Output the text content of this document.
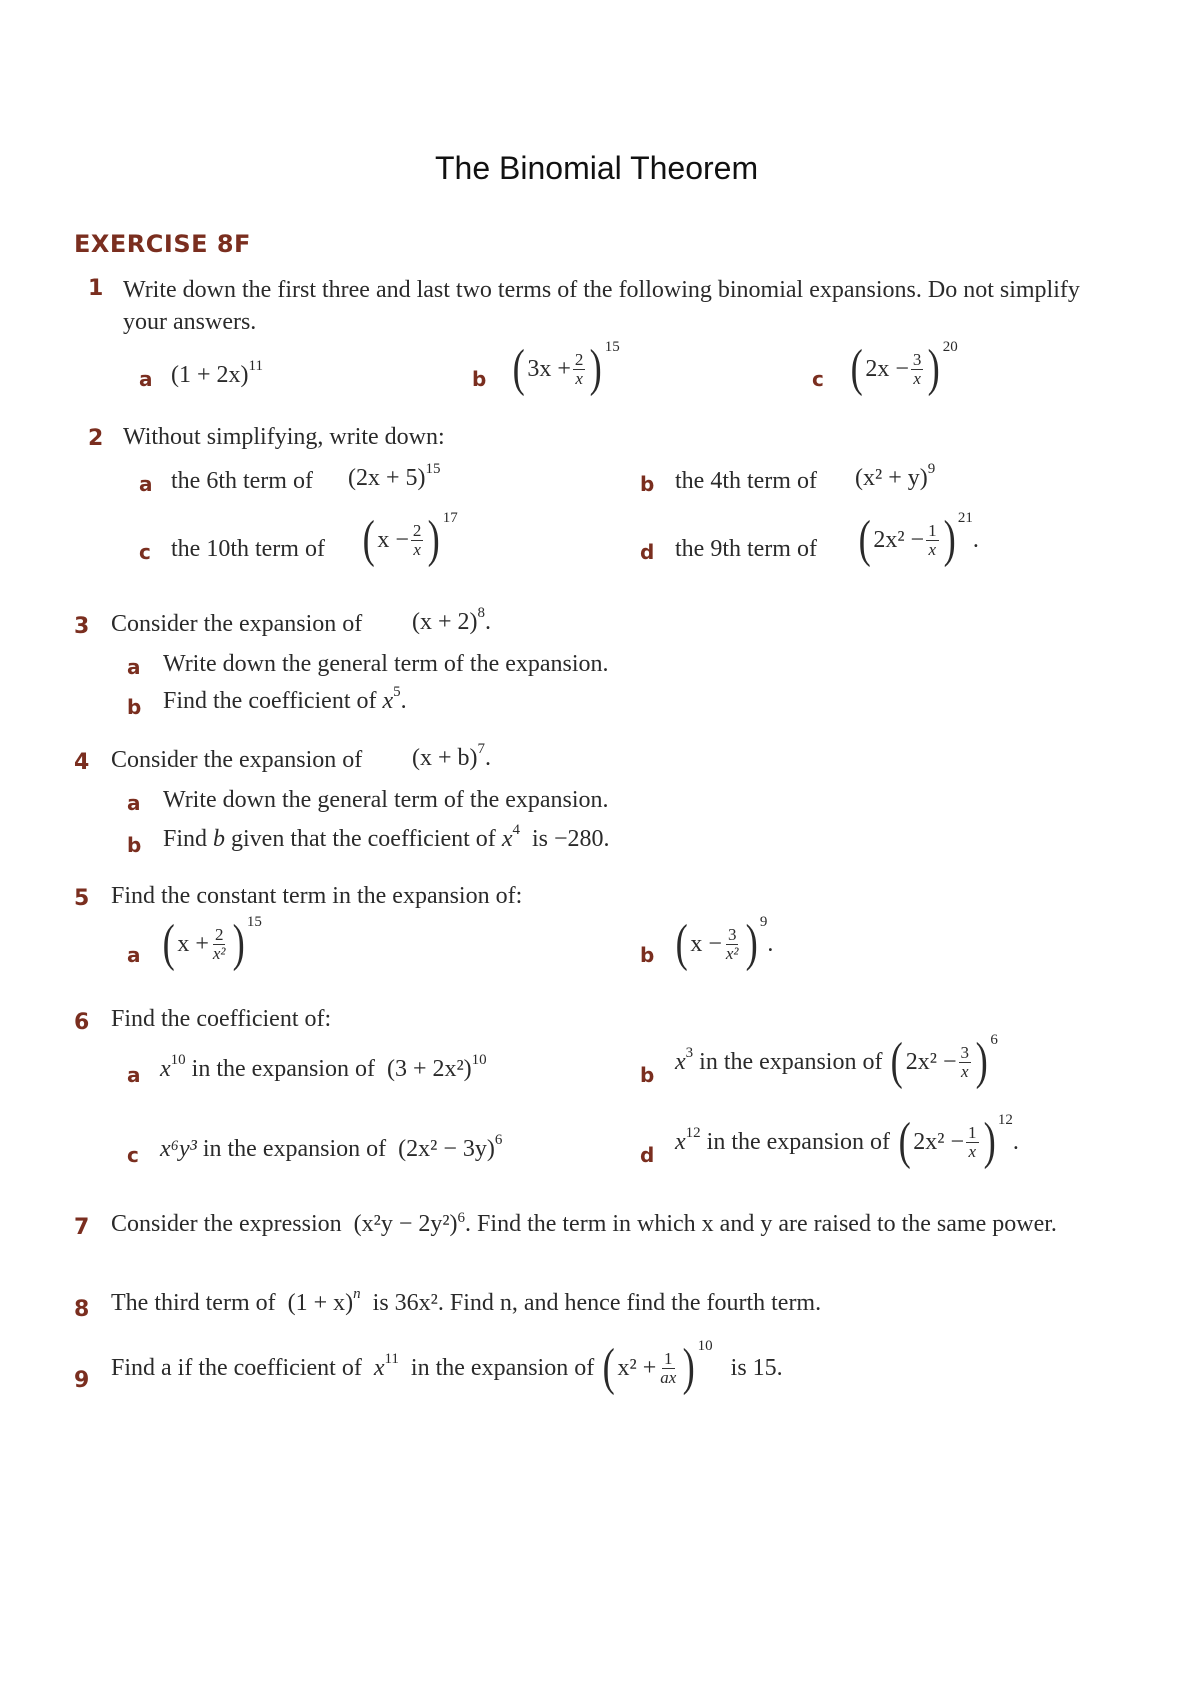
The Binomial Theorem
EXERCISE 8F
1 Write down the first three and last two terms of the following binomial expansions. Do not simplify your answers.
a (1 + 2x) 11
b ( $3x + \frac{2}{x}$ ) 15
c ( $2x - \frac{3}{x}$ ) 20
2 Without simplifying, write down:
a the 6th term of (2x + 5) 15
b the 4th term of (x² + y) 9
c the 10th term of ( $x - \frac{2}{x}$ ) 17
d the 9th term of ( $2x^2 - \frac{1}{x}$ ) 21
.
3 Consider the expansion of (x + 2) 8 .
a Write down the general term of the expansion.
b Find the coefficient of
x 5 .
4 Consider the expansion of (x + b) 7 .
a Write down the general term of the expansion.
b Find
b
given that the coefficient of
x 4
is −280.
5 Find the constant term in the expansion of:
a ( $x + \frac{2}{\text{x²}}$ ) 15
b ( $x - \frac{3}{\text{x²}}$ ) 9
.
6 Find the coefficient of:
a x 10
in the expansion of
(3 + 2x²) 10
b
x 3
in the expansion of
( $2x^2 - \frac{3}{x}$ ) 6
c x⁶y³
in the expansion of
(2x² − 3y) 6
d
x 12
in the expansion of
( $2x^2 - \frac{1}{x}$ ) 12
.
7 Consider the expression $(x^2y - 2y^2)^6$. Find the term in which x and y are raised to the same power.
8 The third term of
(1 + x) n
is 36x². Find n, and hence find the fourth term.
9 Find a if the coefficient of
x 11
in the expansion of
( $x^2 + \frac{1}{ax}$ ) 10

is 15.
